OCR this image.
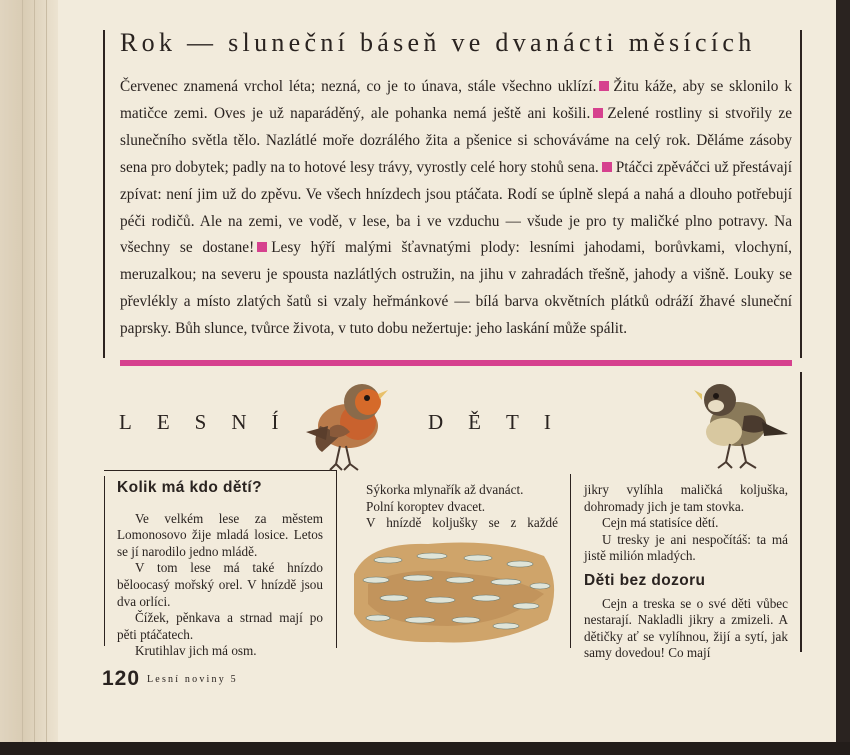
Rok — sluneční báseň ve dvanácti měsících

Červenec znamená vrchol léta; nezná, co je to únava, stále všechno uklízí. Žitu káže, aby se sklonilo k matičce zemi. Oves je už naparáděný, ale pohanka nemá ještě ani košili. Zelené rostliny si stvořily ze slunečního světla tělo. Nazlátlé moře dozrálého žita a pšenice si schováváme na celý rok. Děláme zásoby sena pro dobytek; padly na to hotové lesy trávy, vyrostly celé hory stohů sena. Ptáčci zpěváčci už přestávají zpívat: není jim už do zpěvu. Ve všech hnízdech jsou ptáčata. Rodí se úplně slepá a nahá a dlouho potřebují péči rodičů. Ale na zemi, ve vodě, v lese, ba i ve vzduchu — všude je pro ty maličké plno potravy. Na všechny se dostane! Lesy hýří malými šťavnatými plody: lesními jahodami, borůvkami, vlochyní, meruzalkou; na severu je spousta nazlátlých ostružin, na jihu v zahradách třešně, jahody a višně. Louky se převlékly a místo zlatých šatů si vzaly heřmánkové — bílá barva okvětních plátků odráží žhavé sluneční paprsky. Bůh slunce, tvůrce života, v tuto dobu nežertuje: jeho laskání může spálit.

LESNÍ	DĚTI

Kolik má kdo dětí?

Ve velkém lese za městem Lomonosovo žije mladá losice. Letos se jí narodilo jedno mládě.

V tom lese má také hnízdo běloocasý mořský orel. V hnízdě jsou dva orlíci.

Čížek, pěnkava a strnad mají po pěti ptáčatech.

Krutihlav jich má osm.

Sýkorka mlynařík až dvanáct.

Polní koroptev dvacet.

V hnízdě koljušky se z každé

jikry vylíhla maličká koljuška, dohromady jich je tam stovka.

Cejn má statisíce dětí.

U tresky je ani nespočítáš: ta má jistě milión mladých.

Děti bez dozoru

Cejn a treska se o své děti vůbec nestarají. Nakladli jikry a zmizeli. A dětičky ať se vylíhnou, žijí a sytí, jak samy dovedou! Co mají

120 Lesní noviny 5
